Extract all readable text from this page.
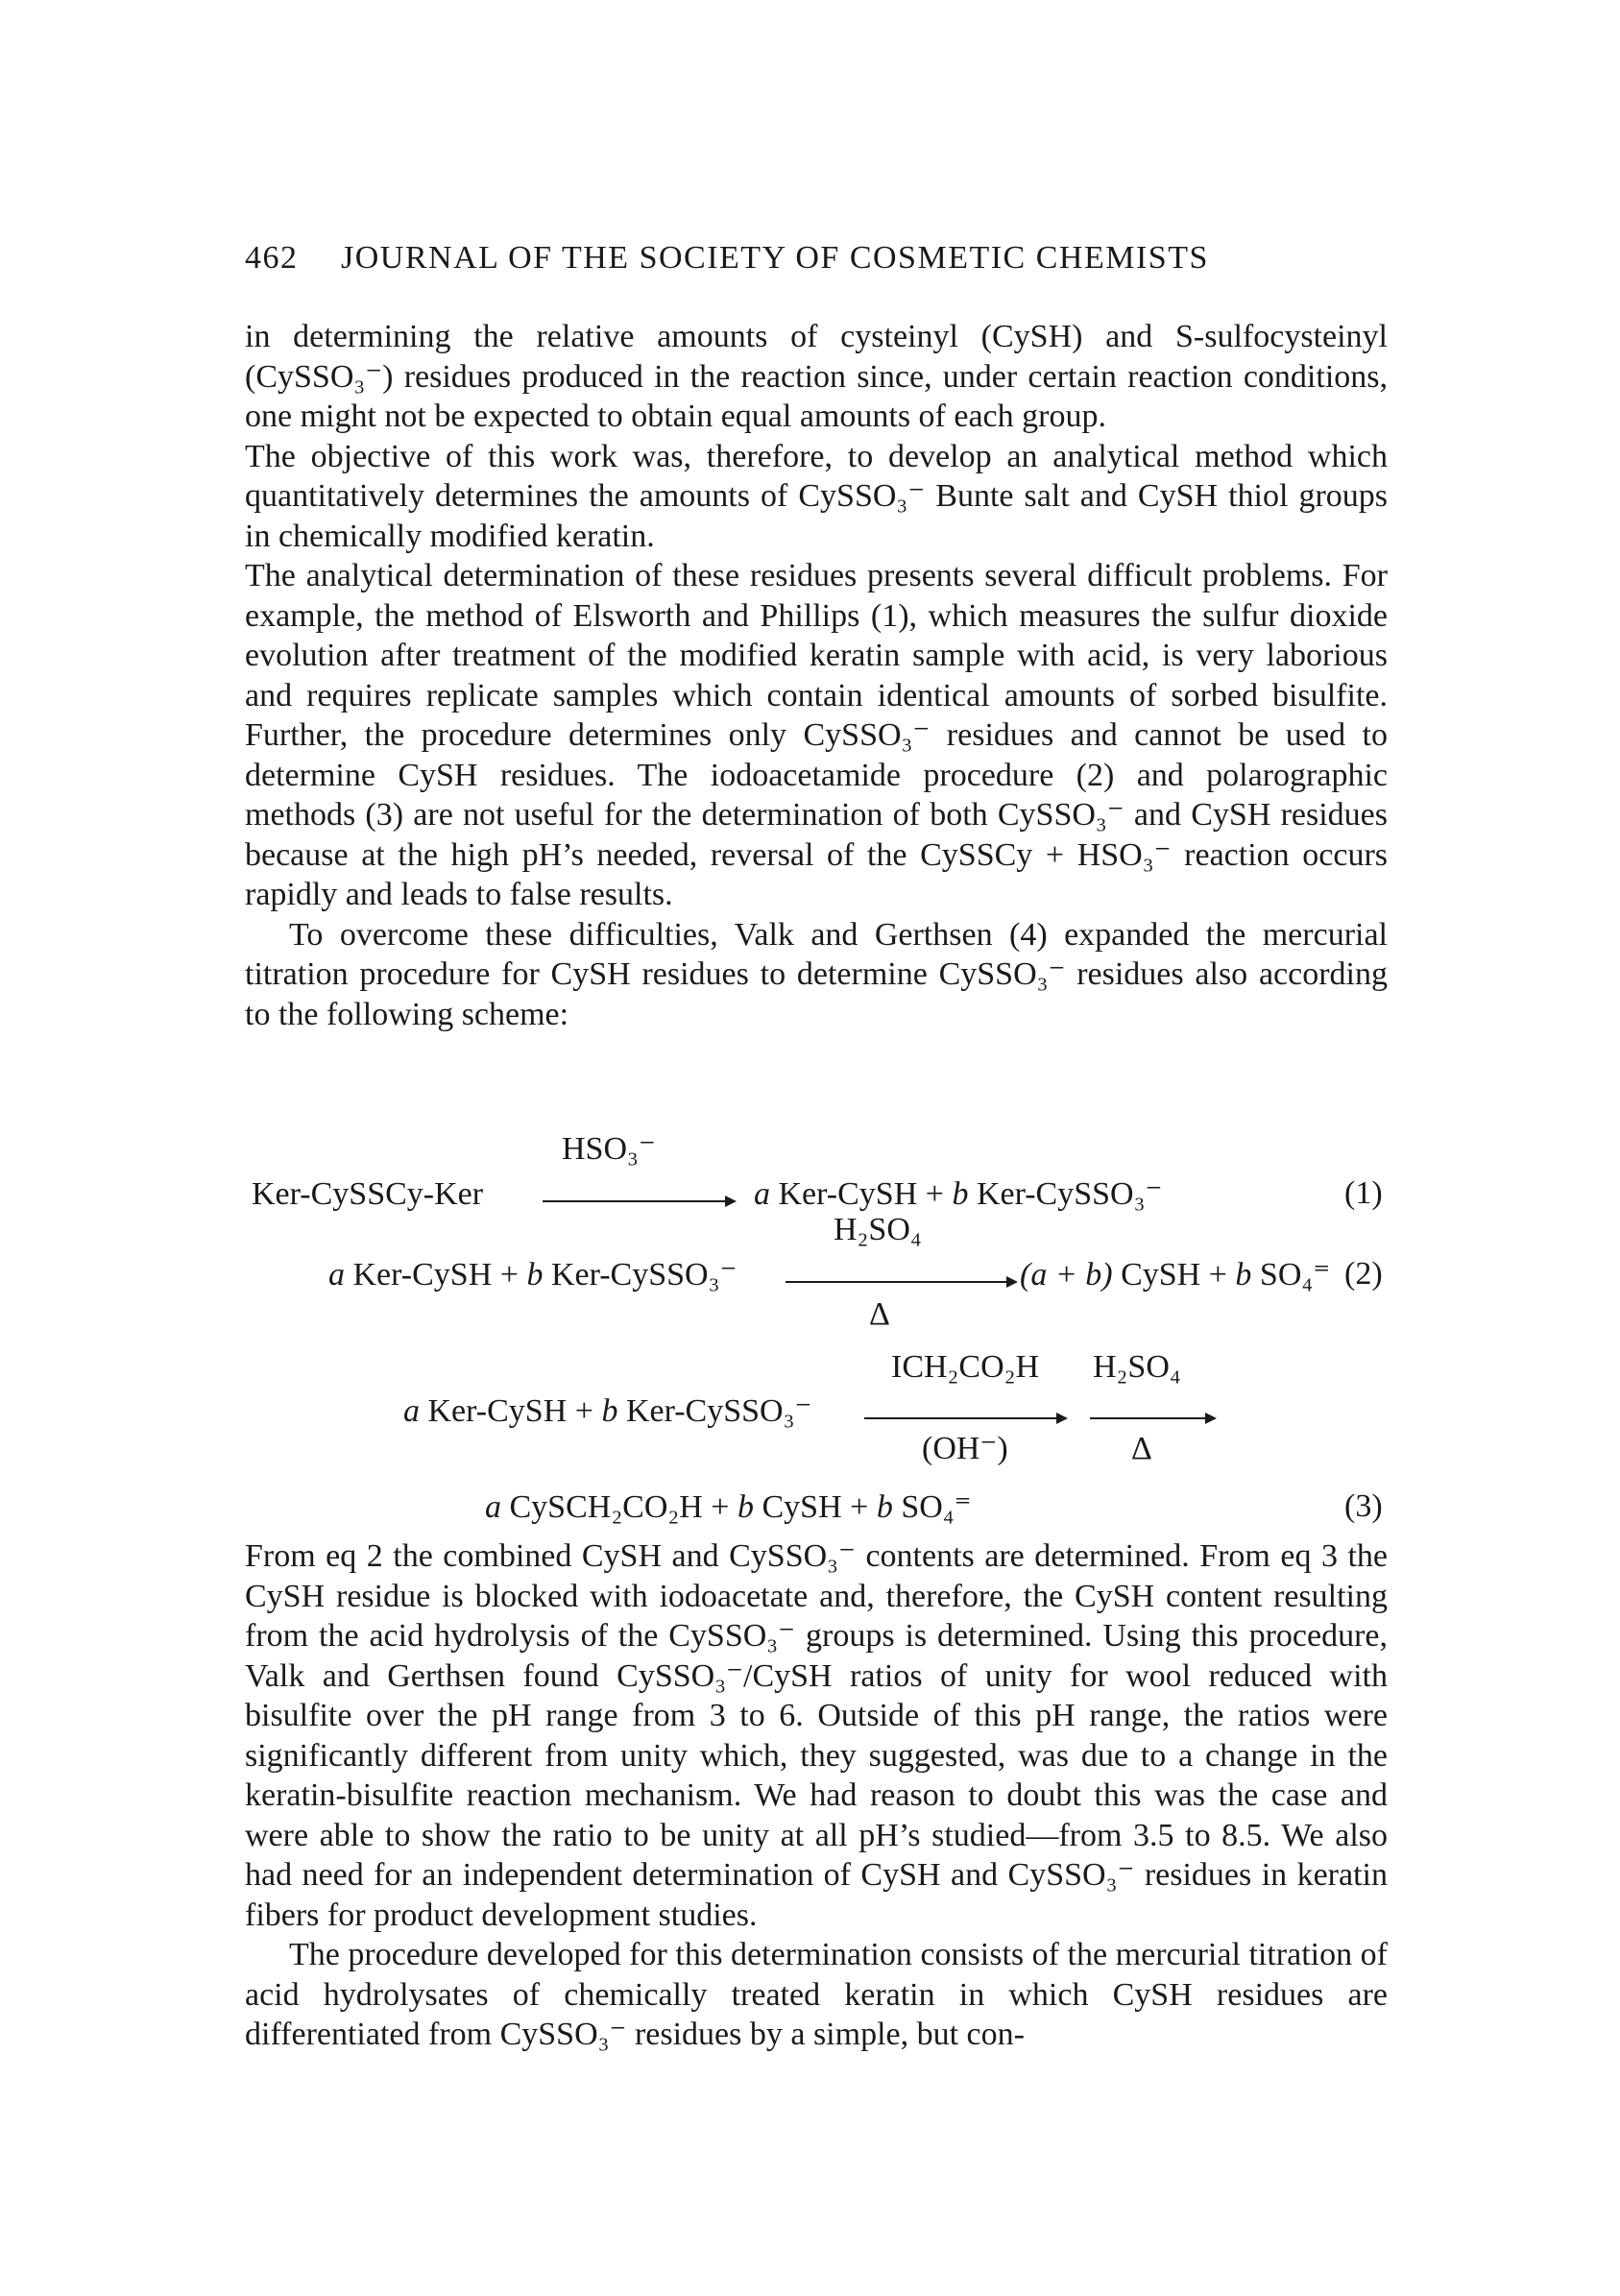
462 JOURNAL OF THE SOCIETY OF COSMETIC CHEMISTS

in determining the relative amounts of cysteinyl (CySH) and S-sulfocysteinyl (CySSO₃⁻) residues produced in the reaction since, under certain reaction conditions, one might not be expected to obtain equal amounts of each group.

The objective of this work was, therefore, to develop an analytical method which quantitatively determines the amounts of CySSO₃⁻ Bunte salt and CySH thiol groups in chemically modified keratin.

The analytical determination of these residues presents several difficult problems. For example, the method of Elsworth and Phillips (1), which measures the sulfur dioxide evolution after treatment of the modified keratin sample with acid, is very laborious and requires replicate samples which contain identical amounts of sorbed bisulfite. Further, the procedure determines only CySSO₃⁻ residues and cannot be used to determine CySH residues. The iodoacetamide procedure (2) and polarographic methods (3) are not useful for the determination of both CySSO₃⁻ and CySH residues because at the high pH’s needed, reversal of the CySSCy + HSO₃⁻ reaction occurs rapidly and leads to false results.

To overcome these difficulties, Valk and Gerthsen (4) expanded the mercurial titration procedure for CySH residues to determine CySSO₃⁻ residues also according to the following scheme:

Ker-CySSCy-Ker
HSO₃⁻
a Ker-CySH + b Ker-CySSO₃⁻	(1)
a Ker-CySH + b Ker-CySSO₃⁻
H₂SO₄
Δ
(a + b) CySH + b SO₄⁼ (2)
a Ker-CySH + b Ker-CySSO₃⁻
ICH₂CO₂H
(OH⁻)
H₂SO₄
Δ
a CySCH₂CO₂H + b CySH + b SO₄⁼	(3)

From eq 2 the combined CySH and CySSO₃⁻ contents are determined. From eq 3 the CySH residue is blocked with iodoacetate and, therefore, the CySH content resulting from the acid hydrolysis of the CySSO₃⁻ groups is determined. Using this procedure, Valk and Gerthsen found CySSO₃⁻/CySH ratios of unity for wool reduced with bisulfite over the pH range from 3 to 6. Outside of this pH range, the ratios were significantly different from unity which, they suggested, was due to a change in the keratin-bisulfite reaction mechanism. We had reason to doubt this was the case and were able to show the ratio to be unity at all pH’s studied—from 3.5 to 8.5. We also had need for an independent determination of CySH and CySSO₃⁻ residues in keratin fibers for product development studies.

The procedure developed for this determination consists of the mercurial titration of acid hydrolysates of chemically treated keratin in which CySH residues are differentiated from CySSO₃⁻ residues by a simple, but con-
